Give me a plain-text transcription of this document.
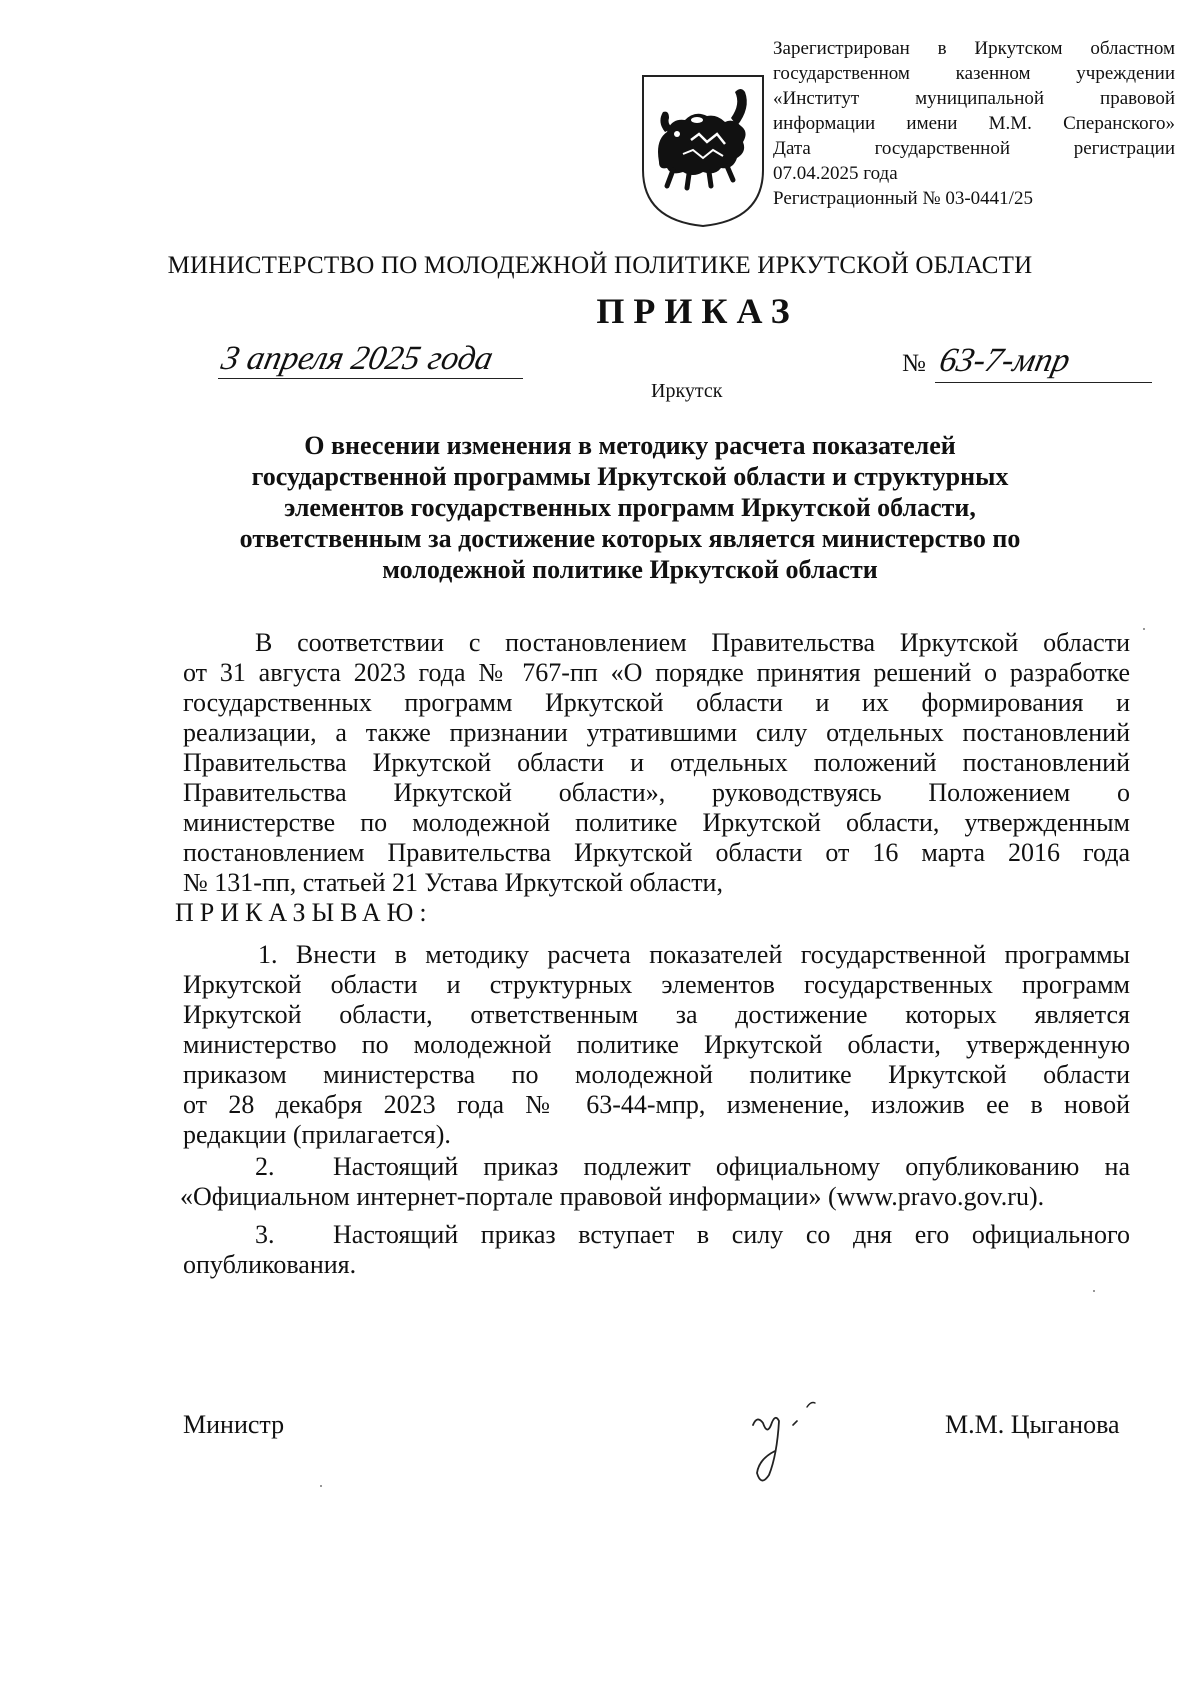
Зарегистрирован в Иркутском областном
государственном казенном учреждении
«Институт муниципальной правовой
информации имени М.М. Сперанского»
Дата государственной регистрации
07.04.2025 года
Регистрационный № 03-0441/25
МИНИСТЕРСТВО ПО МОЛОДЕЖНОЙ ПОЛИТИКЕ ИРКУТСКОЙ ОБЛАСТИ
ПРИКАЗ
3 апреля 2025 года	№ 63-7-мпр
Иркутск
О внесении изменения в методику расчета показателей
государственной программы Иркутской области и структурных
элементов государственных программ Иркутской области,
ответственным за достижение которых является министерство по
молодежной политике Иркутской области
В соответствии с постановлением Правительства Иркутской области
от 31 августа 2023 года № 767-пп «О порядке принятия решений о разработке
государственных программ Иркутской области и их формирования и
реализации, а также признании утратившими силу отдельных постановлений
Правительства Иркутской области и отдельных положений постановлений
Правительства Иркутской области», руководствуясь Положением о
министерстве по молодежной политике Иркутской области, утвержденным
постановлением Правительства Иркутской области от 16 марта 2016 года
№ 131-пп, статьей 21 Устава Иркутской области,
ПРИКАЗЫВАЮ:
1. Внести в методику расчета показателей государственной программы
Иркутской области и структурных элементов государственных программ
Иркутской области, ответственным за достижение которых является
министерство по молодежной политике Иркутской области, утвержденную
приказом министерства по молодежной политике Иркутской области
от 28 декабря 2023 года № 63-44-мпр, изменение, изложив ее в новой
редакции (прилагается).
2. Настоящий приказ подлежит официальному опубликованию на
«Официальном интернет-портале правовой информации» (www.pravo.gov.ru).
3. Настоящий приказ вступает в силу со дня его официального
опубликования.
Министр	М.М. Цыганова
